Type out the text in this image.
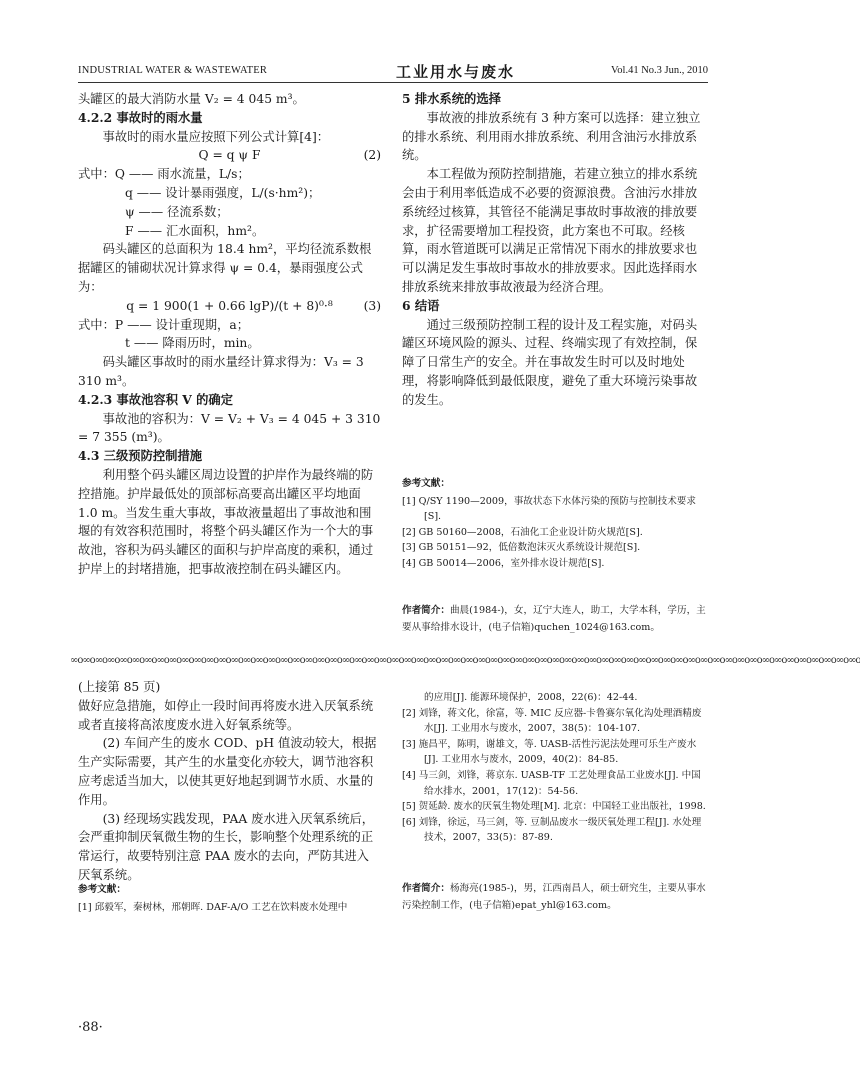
INDUSTRIAL WATER & WASTEWATER	工业用水与废水	Vol.41 No.3 Jun., 2010

头罐区的最大消防水量 V₂ = 4 045 m³。

4.2.2 事故时的雨水量

事故时的雨水量应按照下列公式计算[4]：

Q = q ψ F	(2)

式中：Q —— 雨水流量，L/s；

q —— 设计暴雨强度，L/(s·hm²)；

ψ —— 径流系数；

F —— 汇水面积，hm²。

码头罐区的总面积为 18.4 hm²，平均径流系数根据罐区的铺砌状况计算求得 ψ = 0.4，暴雨强度公式为：

q = 1 900(1 + 0.66 lgP)/(t + 8)⁰·⁸	(3)

式中：P —— 设计重现期，a；

t —— 降雨历时，min。

码头罐区事故时的雨水量经计算求得为：V₃ = 3 310 m³。

4.2.3 事故池容积 V 的确定

事故池的容积为：V = V₂ + V₃ = 4 045 + 3 310 = 7 355 (m³)。

4.3 三级预防控制措施

利用整个码头罐区周边设置的护岸作为最终端的防控措施。护岸最低处的顶部标高要高出罐区平均地面 1.0 m。当发生重大事故，事故液量超出了事故池和围堰的有效容积范围时，将整个码头罐区作为一个大的事故池，容积为码头罐区的面积与护岸高度的乘积，通过护岸上的封堵措施，把事故液控制在码头罐区内。

5 排水系统的选择

事故液的排放系统有 3 种方案可以选择：建立独立的排水系统、利用雨水排放系统、利用含油污水排放系统。

本工程做为预防控制措施，若建立独立的排水系统会由于利用率低造成不必要的资源浪费。含油污水排放系统经过核算，其管径不能满足事故时事故液的排放要求，扩径需要增加工程投资，此方案也不可取。经核算，雨水管道既可以满足正常情况下雨水的排放要求也可以满足发生事故时事故水的排放要求。因此选择雨水排放系统来排放事故液最为经济合理。

6 结语

通过三级预防控制工程的设计及工程实施，对码头罐区环境风险的源头、过程、终端实现了有效控制，保障了日常生产的安全。并在事故发生时可以及时地处理，将影响降低到最低限度，避免了重大环境污染事故的发生。

参考文献：

[1] Q/SY 1190—2009，事故状态下水体污染的预防与控制技术要求[S].

[2] GB 50160—2008，石油化工企业设计防火规范[S].

[3] GB 50151—92，低倍数泡沫灭火系统设计规范[S].

[4] GB 50014—2006，室外排水设计规范[S].

作者简介：曲晨(1984-)，女，辽宁大连人，助工，大学本科，学历，主要从事给排水设计，(电子信箱)quchen_1024@163.com。

∞o∞o∞o∞o∞o∞o∞o∞o∞o∞o∞o∞o∞o∞o∞o∞o∞o∞o∞o∞o∞o∞o∞o∞o∞o∞o∞o∞o∞o∞o∞o∞o∞o∞o∞o∞o∞o∞o∞o∞o∞o∞o∞o∞o∞o∞o∞o∞o∞o∞o∞o∞o∞o∞o∞o∞o∞o∞o∞o∞o∞o∞o∞o∞o

(上接第 85 页)

做好应急措施，如停止一段时间再将废水进入厌氧系统或者直接将高浓度废水进入好氧系统等。

(2) 车间产生的废水 COD、pH 值波动较大，根据生产实际需要，其产生的水量变化亦较大，调节池容积应考虑适当加大，以使其更好地起到调节水质、水量的作用。

(3) 经现场实践发现，PAA 废水进入厌氧系统后，会严重抑制厌氧微生物的生长，影响整个处理系统的正常运行，故要特别注意 PAA 废水的去向，严防其进入厌氧系统。

参考文献：

[1] 邱毅军，秦树林，邢朝晖. DAF-A/O 工艺在饮料废水处理中

的应用[J]. 能源环境保护，2008，22(6)：42-44.

[2] 刘锋，蒋文化，徐富，等. MIC 反应器-卡鲁赛尔氧化沟处理酒精废水[J]. 工业用水与废水，2007，38(5)：104-107.

[3] 施昌平，陈明，谢雄文，等. UASB-活性污泥法处理可乐生产废水[J]. 工业用水与废水，2009，40(2)：84-85.

[4] 马三剑，刘锋，蒋京东. UASB-TF 工艺处理食品工业废水[J]. 中国给水排水，2001，17(12)：54-56.

[5] 贺延龄. 废水的厌氧生物处理[M]. 北京：中国轻工业出版社，1998.

[6] 刘锋，徐远，马三剑，等. 豆制品废水一级厌氧处理工程[J]. 水处理技术，2007，33(5)：87-89.

作者简介：杨海亮(1985-)，男，江西南昌人，硕士研究生，主要从事水污染控制工作，(电子信箱)epat_yhl@163.com。

·88·
